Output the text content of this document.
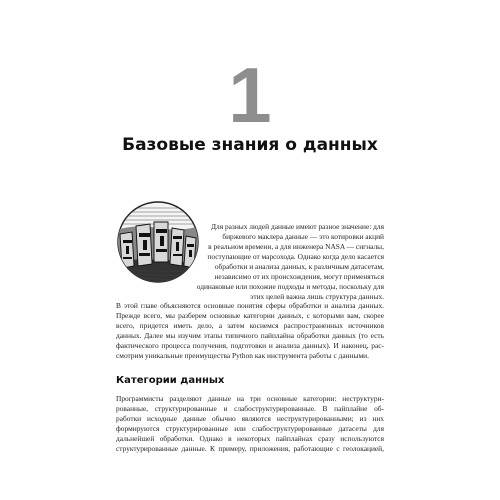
1
Базовые знания о данных
Для разных людей данные имеют разное значение: для
биржевого маклера данные — это котировки акций
в реальном времени, а для инженера NASA — сигналы,
поступающие от марсохода. Однако когда дело касается
обработки и анализа данных, к различным датасетам,
независимо от их происхождения, могут применяться
одинаковые или похожие подходы и методы, поскольку для
этих целей важна лишь структура данных.
В этой главе объясняются основные понятия сферы обработки и анализа данных.
Прежде всего, мы разберем основные категории данных, с которыми вам, скорее
всего, придется иметь дело, а затем коснемся распространенных источников
данных. Далее мы изучим этапы типичного пайплайна обработки данных (то есть
фактического процесса получения, подготовки и анализа данных). И наконец, рас-
смотрим уникальные преимущества Python как инструмента работы с данными.
Категории данных
Программисты разделяют данные на три основные категории: неструктури-
рованные, структурированные и слабоструктурированные. В пайплайне об-
работки исходные данные обычно являются неструктурированными; из них
формируются структурированные или слабоструктурированные датасеты для
дальнейшей обработки. Однако в некоторых пайплайнах сразу используются
структурированные данные. К примеру, приложения, работающие с геолокацией,
